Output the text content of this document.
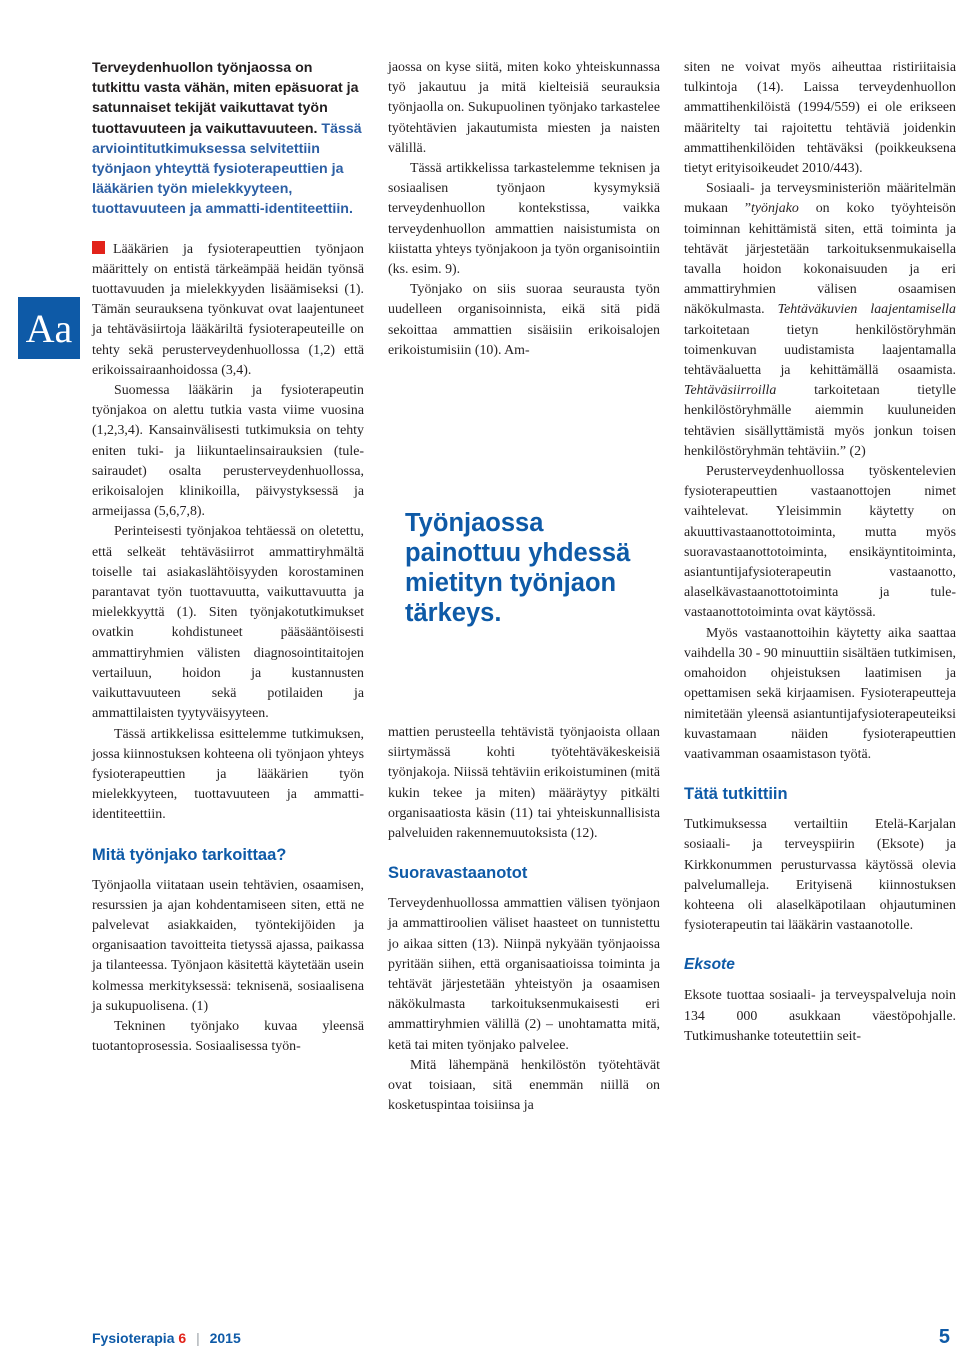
Aa
Terveydenhuollon työnjaossa on tutkittu vasta vähän, miten epäsuorat ja satunnaiset tekijät vaikuttavat työn tuottavuuteen ja vaikuttavuuteen. Tässä arviointitutkimuksessa selvitettiin työnjaon yhteyttä fysioterapeuttien ja lääkärien työn mielekkyyteen, tuottavuuteen ja ammatti-identiteettiin.

Lääkärien ja fysioterapeuttien työnjaon määrittely on entistä tärkeämpää heidän työnsä tuottavuuden ja mielekkyyden lisäämiseksi (1). Tämän seurauksena työnkuvat ovat laajentuneet ja tehtäväsiirtoja lääkäriltä fysioterapeuteille on tehty sekä perusterveydenhuollossa (1,2) että erikoissairaanhoidossa (3,4).

Suomessa lääkärin ja fysioterapeutin työnjakoa on alettu tutkia vasta viime vuosina (1,2,3,4). Kansainvälisesti tutkimuksia on tehty eniten tuki- ja liikuntaelinsairauksien (tule-sairaudet) osalta perusterveydenhuollossa, erikoisalojen klinikoilla, päivystyksessä ja armeijassa (5,6,7,8).

Perinteisesti työnjakoa tehtäessä on oletettu, että selkeät tehtäväsiirrot ammattiryhmältä toiselle tai asiakaslähtöisyyden korostaminen parantavat työn tuottavuutta, vaikuttavuutta ja mielekkyyttä (1). Siten työnjakotutkimukset ovatkin kohdistuneet pääsääntöisesti ammattiryhmien välisten diagnosointitaitojen vertailuun, hoidon ja kustannusten vaikuttavuuteen sekä potilaiden ja ammattilaisten tyytyväisyyteen.

Tässä artikkelissa esittelemme tutkimuksen, jossa kiinnostuksen kohteena oli työnjaon yhteys fysioterapeuttien ja lääkärien työn mielekkyyteen, tuottavuuteen ja ammatti-identiteettiin.

Mitä työnjako tarkoittaa?

Työnjaolla viitataan usein tehtävien, osaamisen, resurssien ja ajan kohdentamiseen siten, että ne palvelevat asiakkaiden, työntekijöiden ja organisaation tavoitteita tietyssä ajassa, paikassa ja tilanteessa. Työnjaon käsitettä käytetään usein kolmessa merkityksessä: teknisenä, sosiaalisena ja sukupuolisena. (1)

Tekninen työnjako kuvaa yleensä tuotantoprosessia. Sosiaalisessa työn-

jaossa on kyse siitä, miten koko yhteiskunnassa työ jakautuu ja mitä kielteisiä seurauksia työnjaolla on. Sukupuolinen työnjako tarkastelee työtehtävien jakautumista miesten ja naisten välillä.

Tässä artikkelissa tarkastelemme teknisen ja sosiaalisen työnjaon kysymyksiä terveydenhuollon kontekstissa, vaikka terveydenhuollon ammattien naisistumista on kiistatta yhteys työnjakoon ja työn organisointiin (ks. esim. 9).

Työnjako on siis suoraa seurausta työn uudelleen organisoinnista, eikä sitä pidä sekoittaa ammattien sisäisiin erikoisalojen erikoistumisiin (10). Am-

mattien perusteella tehtävistä työnjaoista ollaan siirtymässä kohti työtehtäväkeskeisiä työnjakoja. Niissä tehtäviin erikoistuminen (mitä kukin tekee ja miten) määräytyy pitkälti organisaatiosta käsin (11) tai yhteiskunnallisista palveluiden rakennemuutoksista (12).

Suoravastaanotot

Terveydenhuollossa ammattien välisen työnjaon ja ammattiroolien väliset haasteet on tunnistettu jo aikaa sitten (13). Niinpä nykyään työnjaoissa pyritään siihen, että organisaatioissa toiminta ja tehtävät järjestetään yhteistyön ja osaamisen näkökulmasta tarkoituksenmukaisesti eri ammattiryhmien välillä (2) – unohtamatta mitä, ketä tai miten työnjako palvelee.

Mitä lähempänä henkilöstön työtehtävät ovat toisiaan, sitä enemmän niillä on kosketuspintaa toisiinsa ja

Työnjaossa painottuu yhdessä mietityn työnjaon tärkeys.

siten ne voivat myös aiheuttaa ristiriitaisia tulkintoja (14). Laissa terveydenhuollon ammattihenkilöistä (1994/559) ei ole erikseen määritelty tai rajoitettu tehtäviä joidenkin ammattihenkilöiden tehtäväksi (poikkeuksena tietyt erityisoikeudet 2010/443).

Sosiaali- ja terveysministeriön määritelmän mukaan ”työnjako on koko työyhteisön toiminnan kehittämistä siten, että toiminta ja tehtävät järjestetään tarkoituksenmukaisella tavalla hoidon kokonaisuuden ja eri ammattiryhmien välisen osaamisen näkökulmasta. Tehtäväkuvien laajentamisella tarkoitetaan tietyn henkilöstöryhmän toimenkuvan uudistamista laajentamalla tehtäväaluetta ja kehittämällä osaamista. Tehtäväsiirroilla tarkoitetaan tietylle henkilöstöryhmälle aiemmin kuuluneiden tehtävien sisällyttämistä myös jonkun toisen henkilöstöryhmän tehtäviin.” (2)

Perusterveydenhuollossa työskentelevien fysioterapeuttien vastaanottojen nimet vaihtelevat. Yleisimmin käytetty on akuuttivastaanottotoiminta, mutta myös suoravastaanottotoiminta, ensikäyntitoiminta, asiantuntijafysioterapeutin vastaanotto, alaselkävastaanottotoiminta ja tule-vastaanottotoiminta ovat käytössä.

Myös vastaanottoihin käytetty aika saattaa vaihdella 30 - 90 minuuttiin sisältäen tutkimisen, omahoidon ohjeistuksen laatimisen ja opettamisen sekä kirjaamisen. Fysioterapeutteja nimitetään yleensä asiantuntijafysioterapeuteiksi kuvastamaan näiden fysioterapeuttien vaativamman osaamistason työtä.

Tätä tutkittiin

Tutkimuksessa vertailtiin Etelä-Karjalan sosiaali- ja terveyspiirin (Eksote) ja Kirkkonummen perusturvassa käytössä olevia palvelumalleja. Erityisenä kiinnostuksen kohteena oli alaselkäpotilaan ohjautuminen fysioterapeutin tai lääkärin vastaanotolle.

Eksote

Eksote tuottaa sosiaali- ja terveyspalveluja noin 134 000 asukkaan väestöpohjalle. Tutkimushanke toteutettiin seit-

Fysioterapia 6 | 2015	5
